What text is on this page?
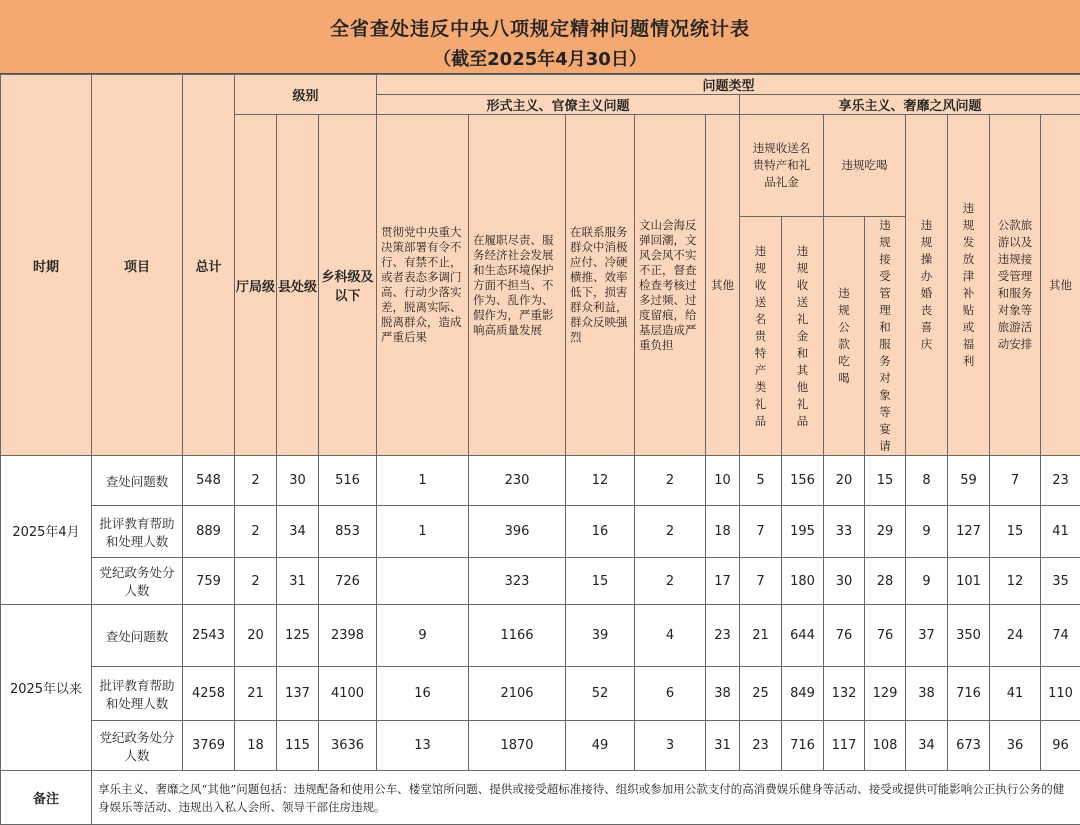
全省查处违反中央八项规定精神问题情况统计表
（截至2025年4月30日）
时期	项目	总计	级别			问题类型												
						形式主义、官僚主义问题					享乐主义、奢靡之风问题							
			厅局级	县处级	乡科级及以下	贯彻党中央重大决策部署有令不行、有禁不止，或者表态多调门高、行动少落实差，脱离实际、脱离群众，造成严重后果	在履职尽责、服务经济社会发展和生态环境保护方面不担当、不作为、乱作为、假作为，严重影响高质量发展	在联系服务群众中消极应付、冷硬横推、效率低下，损害群众利益，群众反映强烈	文山会海反弹回潮，文风会风不实不正，督查检查考核过多过频、过度留痕，给基层造成严重负担	其他	违规收送名贵特产和礼品礼金		违规吃喝		违规操办婚丧喜庆	违规发放津补贴或福利	公款旅游以及违规接受管理和服务对象等旅游活动安排	其他
											违规收送名贵特产类礼品	违规收送礼金和其他礼品	违规公款吃喝	违规接受管理和服务对象等宴请				
2025年4月	查处问题数	548	2	30	516	1	230	12	2	10	5	156	20	15	8	59	7	23
	批评教育帮助和处理人数	889	2	34	853	1	396	16	2	18	7	195	33	29	9	127	15	41
	党纪政务处分人数	759	2	31	726		323	15	2	17	7	180	30	28	9	101	12	35
2025年以来	查处问题数	2543	20	125	2398	9	1166	39	4	23	21	644	76	76	37	350	24	74
	批评教育帮助和处理人数	4258	21	137	4100	16	2106	52	6	38	25	849	132	129	38	716	41	110
	党纪政务处分人数	3769	18	115	3636	13	1870	49	3	31	23	716	117	108	34	673	36	96
备注	享乐主义、奢靡之风“其他”问题包括：违规配备和使用公车、楼堂馆所问题、提供或接受超标准接待、组织或参加用公款支付的高消费娱乐健身等活动、接受或提供可能影响公正执行公务的健身娱乐等活动、违规出入私人会所、领导干部住房违规。																	
